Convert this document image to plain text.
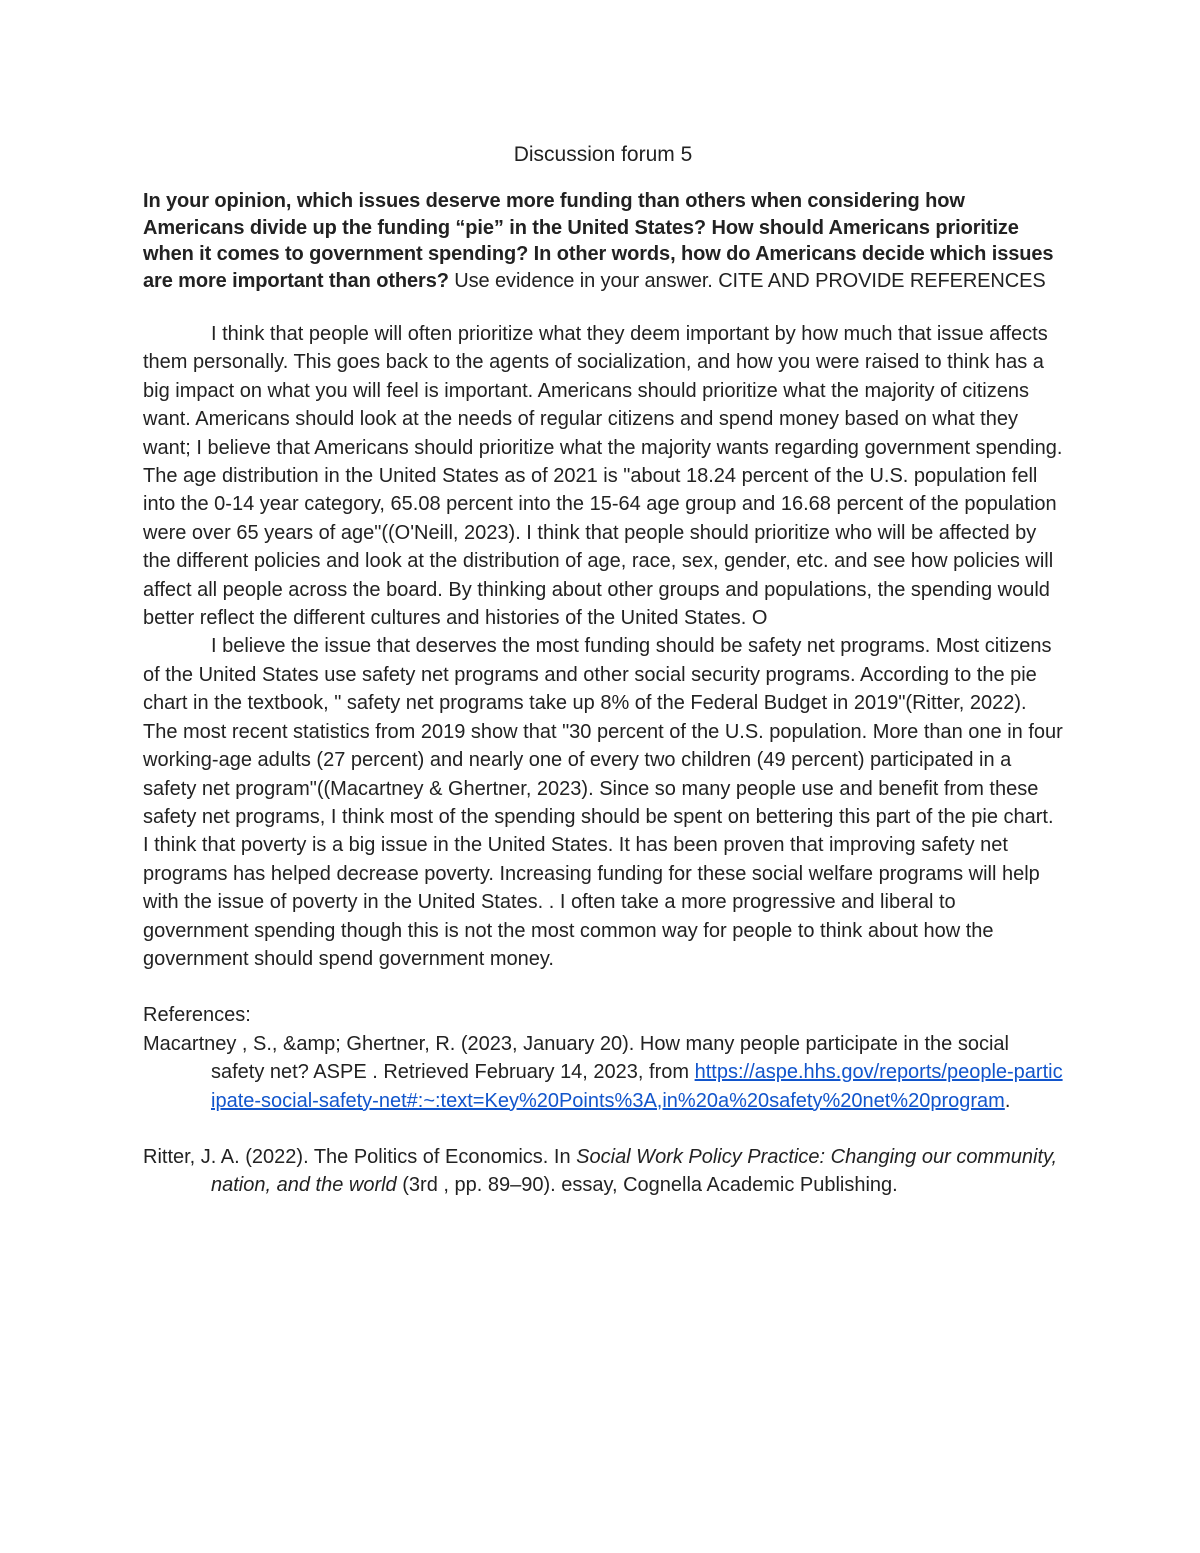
Discussion forum 5

In your opinion, which issues deserve more funding than others when considering how Americans divide up the funding “pie” in the United States? How should Americans prioritize when it comes to government spending? In other words, how do Americans decide which issues are more important than others? Use evidence in your answer. CITE AND PROVIDE REFERENCES

I think that people will often prioritize what they deem important by how much that issue affects them personally. This goes back to the agents of socialization, and how you were raised to think has a big impact on what you will feel is important. Americans should prioritize what the majority of citizens want. Americans should look at the needs of regular citizens and spend money based on what they want; I believe that Americans should prioritize what the majority wants regarding government spending. The age distribution in the United States as of 2021 is "about 18.24 percent of the U.S. population fell into the 0-14 year category, 65.08 percent into the 15-64 age group and 16.68 percent of the population were over 65 years of age"((O'Neill, 2023). I think that people should prioritize who will be affected by the different policies and look at the distribution of age, race, sex, gender, etc. and see how policies will affect all people across the board. By thinking about other groups and populations, the spending would better reflect the different cultures and histories of the United States. O

I believe the issue that deserves the most funding should be safety net programs. Most citizens of the United States use safety net programs and other social security programs. According to the pie chart in the textbook, " safety net programs take up 8% of the Federal Budget in 2019"(Ritter, 2022). The most recent statistics from 2019 show that "30 percent of the U.S. population. More than one in four working-age adults (27 percent) and nearly one of every two children (49 percent) participated in a safety net program"((Macartney & Ghertner, 2023). Since so many people use and benefit from these safety net programs, I think most of the spending should be spent on bettering this part of the pie chart. I think that poverty is a big issue in the United States. It has been proven that improving safety net programs has helped decrease poverty. Increasing funding for these social welfare programs will help with the issue of poverty in the United States. . I often take a more progressive and liberal to government spending though this is not the most common way for people to think about how the government should spend government money.

References:

Macartney , S., &amp; Ghertner, R. (2023, January 20). How many people participate in the social safety net? ASPE . Retrieved February 14, 2023, from https://aspe.hhs.gov/reports/people-participate-social-safety-net#:~:text=Key%20Points%3A,in%20a%20safety%20net%20program.

Ritter, J. A. (2022). The Politics of Economics. In Social Work Policy Practice: Changing our community, nation, and the world (3rd , pp. 89–90). essay, Cognella Academic Publishing.
